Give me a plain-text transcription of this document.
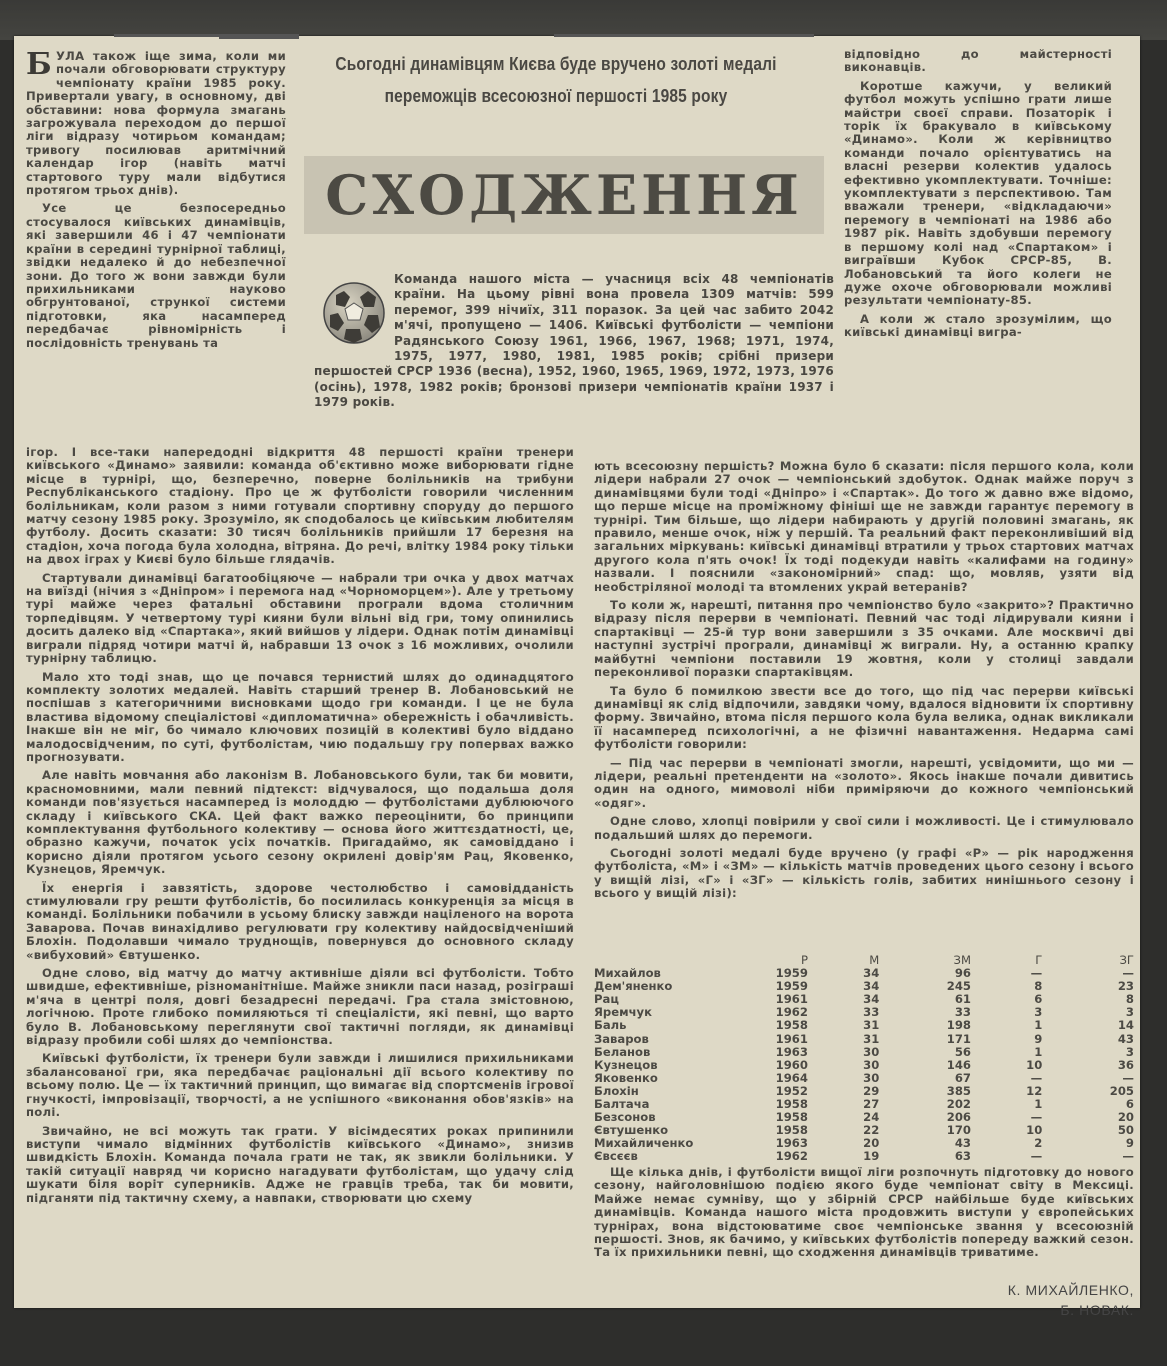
БУЛА також іще зима, коли ми почали обговорювати структуру чемпіонату країни 1985 року. Привертали увагу, в основному, дві обставини: нова формула змагань загрожувала переходом до першої ліги відразу чотирьом командам; тривогу посилював аритмічний календар ігор (навіть матчі стартового туру мали відбутися протягом трьох днів).

Усе це безпосередньо стосувалося київських динамівців, які завершили 46 і 47 чемпіонати країни в середині турнірної таблиці, звідки недалеко й до небезпечної зони. До того ж вони завжди були прихильниками науково обгрунтованої, стрункої системи підготовки, яка насамперед передбачає рівномірність і послідовність тренувань та

Сьогодні динамівцям Києва буде вручено золоті медалі переможців всесоюзної першості 1985 року
СХОДЖЕННЯ
Команда нашого міста — учасниця всіх 48 чемпіонатів країни. На цьому рівні вона провела 1309 матчів: 599 перемог, 399 нічиїх, 311 поразок. За цей час забито 2042 м'ячі, пропущено — 1406. Київські футболісти — чемпіони Радянського Союзу 1961, 1966, 1967, 1968; 1971, 1974, 1975, 1977, 1980, 1981, 1985 років; срібні призери першостей СРСР 1936 (весна), 1952, 1960, 1965, 1969, 1972, 1973, 1976 (осінь), 1978, 1982 років; бронзові призери чемпіонатів країни 1937 і 1979 років.

відповідно до майстерності виконавців.

Коротше кажучи, у великий футбол можуть успішно грати лише майстри своєї справи. Позаторік і торік їх бракувало в київському «Динамо». Коли ж керівництво команди почало орієнтуватись на власні резерви колектив удалось ефективно укомплектувати. Точніше: укомплектувати з перспективою. Там вважали тренери, «відкладаючи» перемогу в чемпіонаті на 1986 або 1987 рік. Навіть здобувши перемогу в першому колі над «Спартаком» і виграївши Кубок СРСР-85, В. Лобановський та його колеги не дуже охоче обговорювали можливі результати чемпіонату-85.

А коли ж стало зрозумілим, що київські динамівці вигра-

ігор. І все-таки напередодні відкриття 48 першості країни тренери київського «Динамо» заявили: команда об'єктивно може виборювати гідне місце в турнірі, що, безперечно, поверне болільників на трибуни Республіканського стадіону. Про це ж футболісти говорили численним болільникам, коли разом з ними готували спортивну споруду до першого матчу сезону 1985 року. Зрозуміло, як сподобалось це київським любителям футболу. Досить сказати: 30 тисяч болільників прийшли 17 березня на стадіон, хоча погода була холодна, вітряна. До речі, влітку 1984 року тільки на двох іграх у Києві було більше глядачів.

Стартували динамівці багатообіцяюче — набрали три очка у двох матчах на виїзді (нічия з «Дніпром» і перемога над «Чорноморцем»). Але у третьому турі майже через фатальні обставини програли вдома столичним торпедівцям. У четвертому турі кияни були вільні від гри, тому опинились досить далеко від «Спартака», який вийшов у лідери. Однак потім динамівці виграли підряд чотири матчі й, набравши 13 очок з 16 можливих, очолили турнірну таблицю.

Мало хто тоді знав, що це почався тернистий шлях до одинадцятого комплекту золотих медалей. Навіть старший тренер В. Лобановський не поспішав з категоричними висновками щодо гри команди. І це не була властива відомому спеціалістові «дипломатична» обережність і обачливість. Інакше він не міг, бо чимало ключових позицій в колективі було віддано малодосвідченим, по суті, футболістам, чию подальшу гру поперваx важко прогнозувати.

Але навіть мовчання або лаконізм В. Лобановського були, так би мовити, красномовними, мали певний підтекст: відчувалося, що подальша доля команди пов'язується насамперед із молоддю — футболістами дублюючого складу і київського СКА. Цей факт важко переоцінити, бо принципи комплектування футбольного колективу — основа його життєздатності, це, образно кажучи, початок усіх початків. Пригадаймо, як самовіддано і корисно діяли протягом усього сезону окрилені довір'ям Рац, Яковенко, Кузнецов, Яремчук.

Їх енергія і завзятість, здорове честолюбство і самовідданість стимулювали гру решти футболістів, бо посилилась конкуренція за місця в команді. Болільники побачили в усьому блиску завжди націленого на ворота Заварова. Почав винахідливо регулювати гру колективу найдосвідченіший Блохін. Подолавши чимало труднощів, повернувся до основного складу «вибуховий» Євтушенко.

Одне слово, від матчу до матчу активніше діяли всі футболісти. Тобто швидше, ефективніше, різноманітніше. Майже зникли паси назад, розіграші м'яча в центрі поля, довгі безадресні передачі. Гра стала змістовною, логічною. Проте глибоко помиляються ті спеціалісти, які певні, що варто було В. Лобановському переглянути свої тактичні погляди, як динамівці відразу пробили собі шлях до чемпіонства.

Київські футболісти, їх тренери були завжди і лишилися прихильниками збалансованої гри, яка передбачає раціональні дії всього колективу по всьому полю. Це — їх тактичний принцип, що вимагає від спортсменів ігрової гнучкості, імпровізації, творчості, а не успішного «виконання обов'язків» на полі.

Звичайно, не всі можуть так грати. У вісімдесятих роках припинили виступи чимало відмінних футболістів київського «Динамо», знизив швидкість Блохін. Команда почала грати не так, як звикли болільники. У такій ситуації навряд чи корисно нагадувати футболістам, що удачу слід шукати біля воріт суперників. Адже не гравців треба, так би мовити, підганяти під тактичну схему, а навпаки, створювати цю схему

ють всесоюзну першість? Можна було б сказати: після першого кола, коли лідери набрали 27 очок — чемпіонський здобуток. Однак майже поруч з динамівцями були тоді «Дніпро» і «Спартак». До того ж давно вже відомо, що перше місце на проміжному фініші ще не завжди гарантує перемогу в турнірі. Тим більше, що лідери набирають у другій половині змагань, як правило, менше очок, ніж у першій. Та реальний факт переконливіший від загальних міркувань: київські динамівці втратили у трьох стартових матчах другого кола п'ять очок! Їх тоді подекуди навіть «калифами на годину» назвали. І пояснили «закономірний» спад: що, мовляв, узяти від необстріляної молоді та втомлених украй ветеранів?

То коли ж, нарешті, питання про чемпіонство було «закрито»? Практично відразу після перерви в чемпіонаті. Певний час тоді лідирували кияни і спартаківці — 25-й тур вони завершили з 35 очками. Але москвичі дві наступні зустрічі програли, динамівці ж виграли. Ну, а останню крапку майбутні чемпіони поставили 19 жовтня, коли у столиці завдали переконливої поразки спартаківцям.

Та було б помилкою звести все до того, що під час перерви київські динамівці як слід відпочили, завдяки чому, вдалося відновити їх спортивну форму. Звичайно, втома після першого кола була велика, однак викликали її насамперед психологічні, а не фізичні навантаження. Недарма самі футболісти говорили:

— Під час перерви в чемпіонаті змогли, нарешті, усвідомити, що ми — лідери, реальні претенденти на «золото». Якось інакше почали дивитись один на одного, мимоволі ніби приміряючи до кожного чемпіонський «одяг».

Одне слово, хлопці повірили у свої сили і можливості. Це і стимулювало подальший шлях до перемоги.

Сьогодні золоті медалі буде вручено (у графі «Р» — рік народження футболіста, «М» і «ЗМ» — кількість матчів проведених цього сезону і всього у вищій лізі, «Г» і «ЗГ» — кількість голів, забитих нинішнього сезону і всього у вищій лізі):

	Р	М	ЗМ	Г	ЗГ
Михайлов	1959	34	96	—	—
Дем'яненко	1959	34	245	8	23
Рац	1961	34	61	6	8
Яремчук	1962	33	33	3	3
Баль	1958	31	198	1	14
Заваров	1961	31	171	9	43
Беланов	1963	30	56	1	3
Кузнецов	1960	30	146	10	36
Яковенко	1964	30	67	—	—
Блохін	1952	29	385	12	205
Балтача	1958	27	202	1	6
Безсонов	1958	24	206	—	20
Євтушенко	1958	22	170	10	50
Михайличенко	1963	20	43	2	9
Євсєєв	1962	19	63	—	—

Ще кілька днів, і футболісти вищої ліги розпочнуть підготовку до нового сезону, найголовнішою подією якого буде чемпіонат світу в Мексиці. Майже немає сумніву, що у збірній СРСР найбільше буде київських динамівців. Команда нашого міста продовжить виступи у європейських турнірах, вона відстоюватиме своє чемпіонське звання у всесоюзній першості. Знов, як бачимо, у київських футболістів попереду важкий сезон. Та їх прихильники певні, що сходження динамівців триватиме.

К. МИХАЙЛЕНКО,
Б. НОВАК.
